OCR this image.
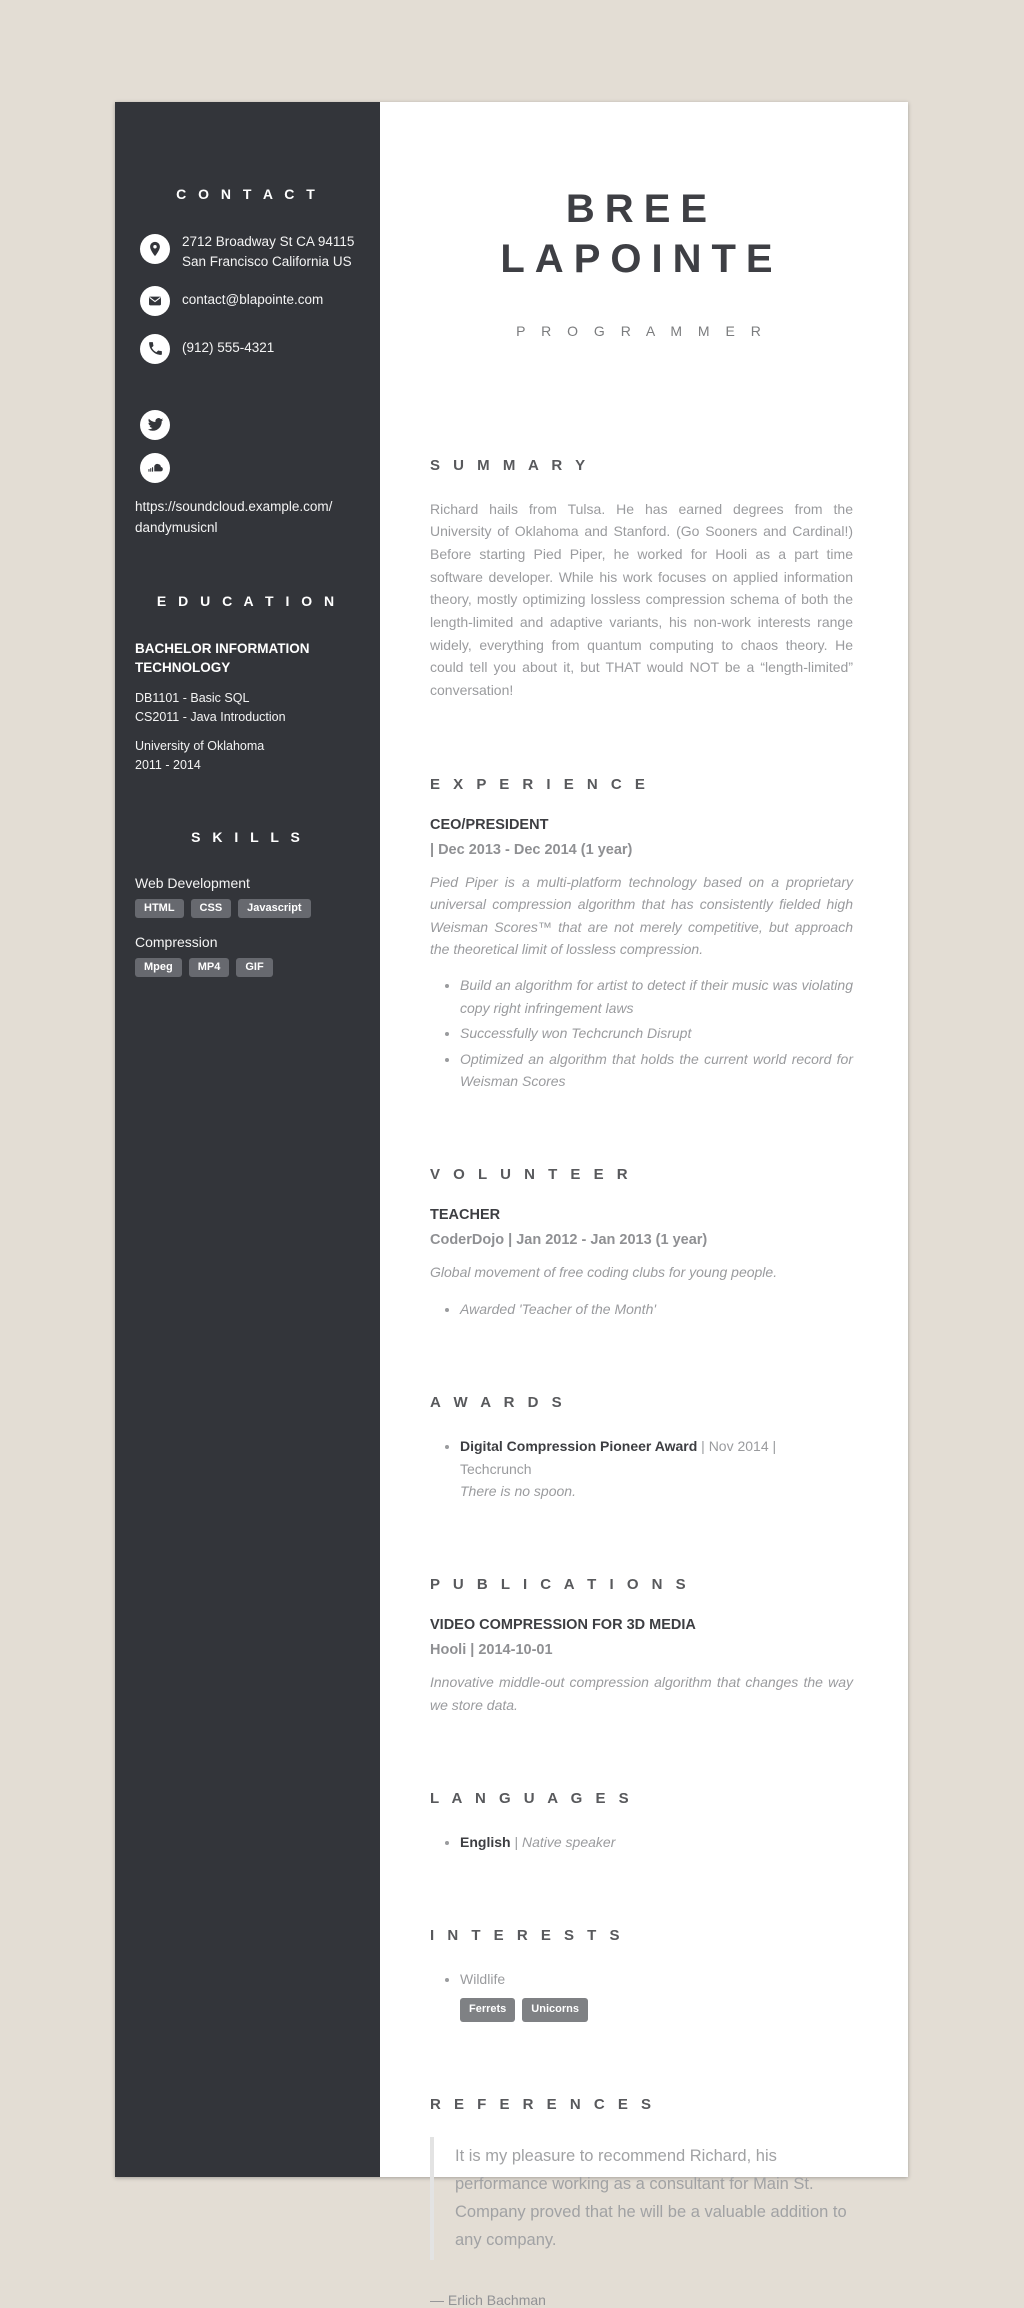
C O N T A C T
2712 Broadway St CA 94115 San Francisco California US
contact@blapointe.com
(912) 555-4321
https://soundcloud.example.com/
dandymusicnl
E D U C A T I O N
BACHELOR INFORMATION TECHNOLOGY
DB1101 - Basic SQL
CS2011 - Java Introduction
University of Oklahoma
2011 - 2014
S K I L L S
Web Development
HTML	CSS	Javascript
Compression
Mpeg	MP4	GIF
BREE
LAPOINTE
P R O G R A M M E R
S U M M A R Y

Richard hails from Tulsa. He has earned degrees from the University of Oklahoma and Stanford. (Go Sooners and Cardinal!) Before starting Pied Piper, he worked for Hooli as a part time software developer. While his work focuses on applied information theory, mostly optimizing lossless compression schema of both the length-limited and adaptive variants, his non-work interests range widely, everything from quantum computing to chaos theory. He could tell you about it, but THAT would NOT be a “length-limited” conversation!

E X P E R I E N C E
CEO/PRESIDENT
| Dec 2013 - Dec 2014 (1 year)

Pied Piper is a multi-platform technology based on a proprietary universal compression algorithm that has consistently fielded high Weisman Scores™ that are not merely competitive, but approach the theoretical limit of lossless compression.

• Build an algorithm for artist to detect if their music was violating copy right infringement laws
• Successfully won Techcrunch Disrupt
• Optimized an algorithm that holds the current world record for Weisman Scores
V O L U N T E E R
TEACHER
CoderDojo | Jan 2012 - Jan 2013 (1 year)

Global movement of free coding clubs for young people.

• Awarded 'Teacher of the Month'
A W A R D S
• Digital Compression Pioneer Award | Nov 2014 |
Techcrunch
There is no spoon.
P U B L I C A T I O N S
VIDEO COMPRESSION FOR 3D MEDIA
Hooli | 2014-10-01

Innovative middle-out compression algorithm that changes the way we store data.

L A N G U A G E S
• English | Native speaker
I N T E R E S T S
• Wildlife
Ferrets	Unicorns
R E F E R E N C E S
It is my pleasure to recommend Richard, his performance working as a consultant for Main St. Company proved that he will be a valuable addition to any company.
— Erlich Bachman
